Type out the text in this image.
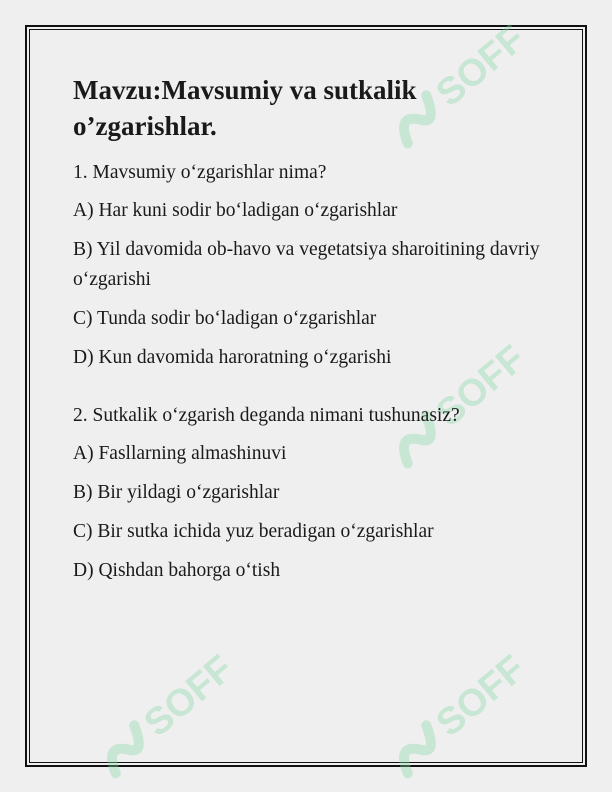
SOFF
SOFF
SOFF	SOFF
Mavzu:Mavsumiy va sutkalik o’zgarishlar.

1. Mavsumiy o‘zgarishlar nima?

A) Har kuni sodir bo‘ladigan o‘zgarishlar

B) Yil davomida ob-havo va vegetatsiya sharoitining davriy o‘zgarishi

C) Tunda sodir bo‘ladigan o‘zgarishlar

D) Kun davomida haroratning o‘zgarishi

2. Sutkalik o‘zgarish deganda nimani tushunasiz?

A) Fasllarning almashinuvi

B) Bir yildagi o‘zgarishlar

C) Bir sutka ichida yuz beradigan o‘zgarishlar

D) Qishdan bahorga o‘tish
